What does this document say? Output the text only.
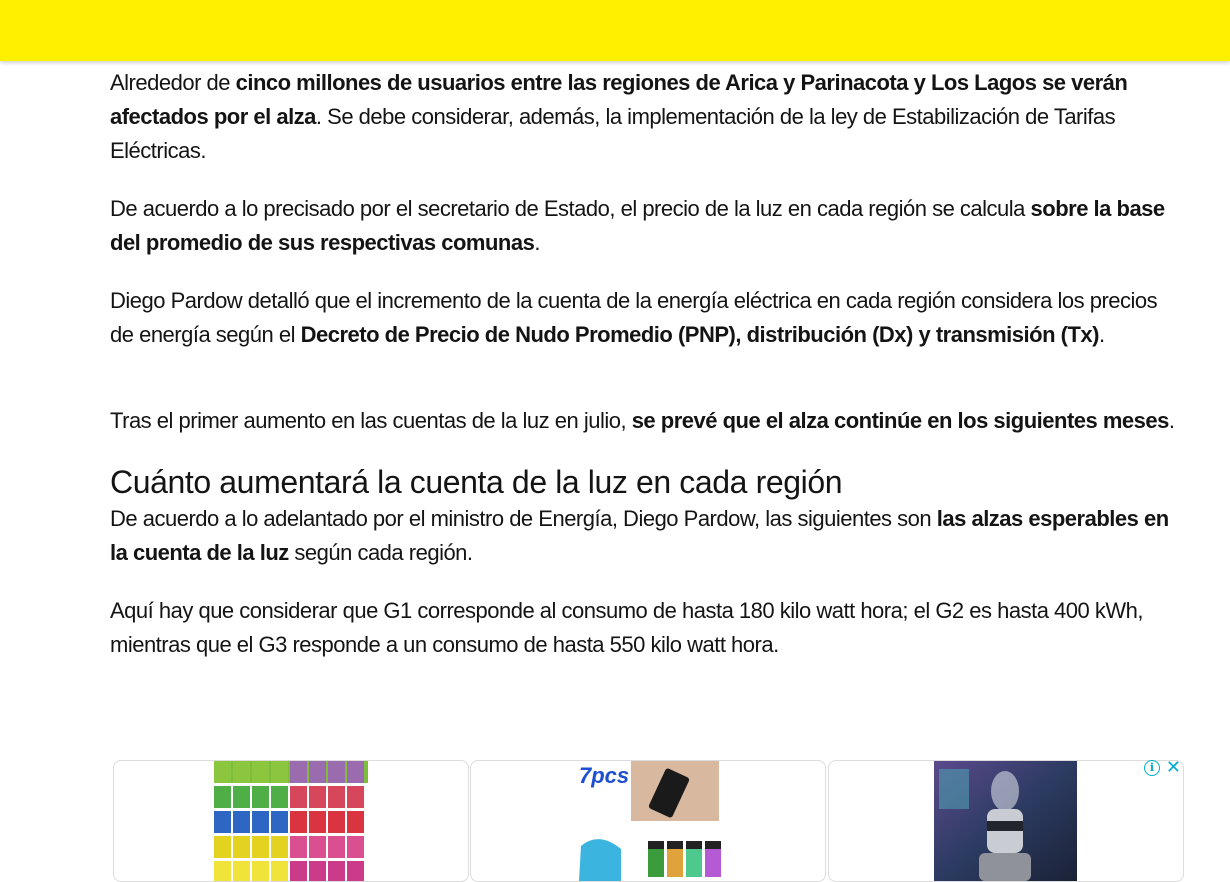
Alrededor de cinco millones de usuarios entre las regiones de Arica y Parinacota y Los Lagos se verán afectados por el alza. Se debe considerar, además, la implementación de la ley de Estabilización de Tarifas Eléctricas.

De acuerdo a lo precisado por el secretario de Estado, el precio de la luz en cada región se calcula sobre la base del promedio de sus respectivas comunas.

Diego Pardow detalló que el incremento de la cuenta de la energía eléctrica en cada región considera los precios de energía según el Decreto de Precio de Nudo Promedio (PNP), distribución (Dx) y transmisión (Tx).

Tras el primer aumento en las cuentas de la luz en julio, se prevé que el alza continúe en los siguientes meses.

Cuánto aumentará la cuenta de la luz en cada región

De acuerdo a lo adelantado por el ministro de Energía, Diego Pardow, las siguientes son las alzas esperables en la cuenta de la luz según cada región.

Aquí hay que considerar que G1 corresponde al consumo de hasta 180 kilo watt hora; el G2 es hasta 400 kWh, mientras que el G3 responde a un consumo de hasta 550 kilo watt hora.

i ✕
7pcs
